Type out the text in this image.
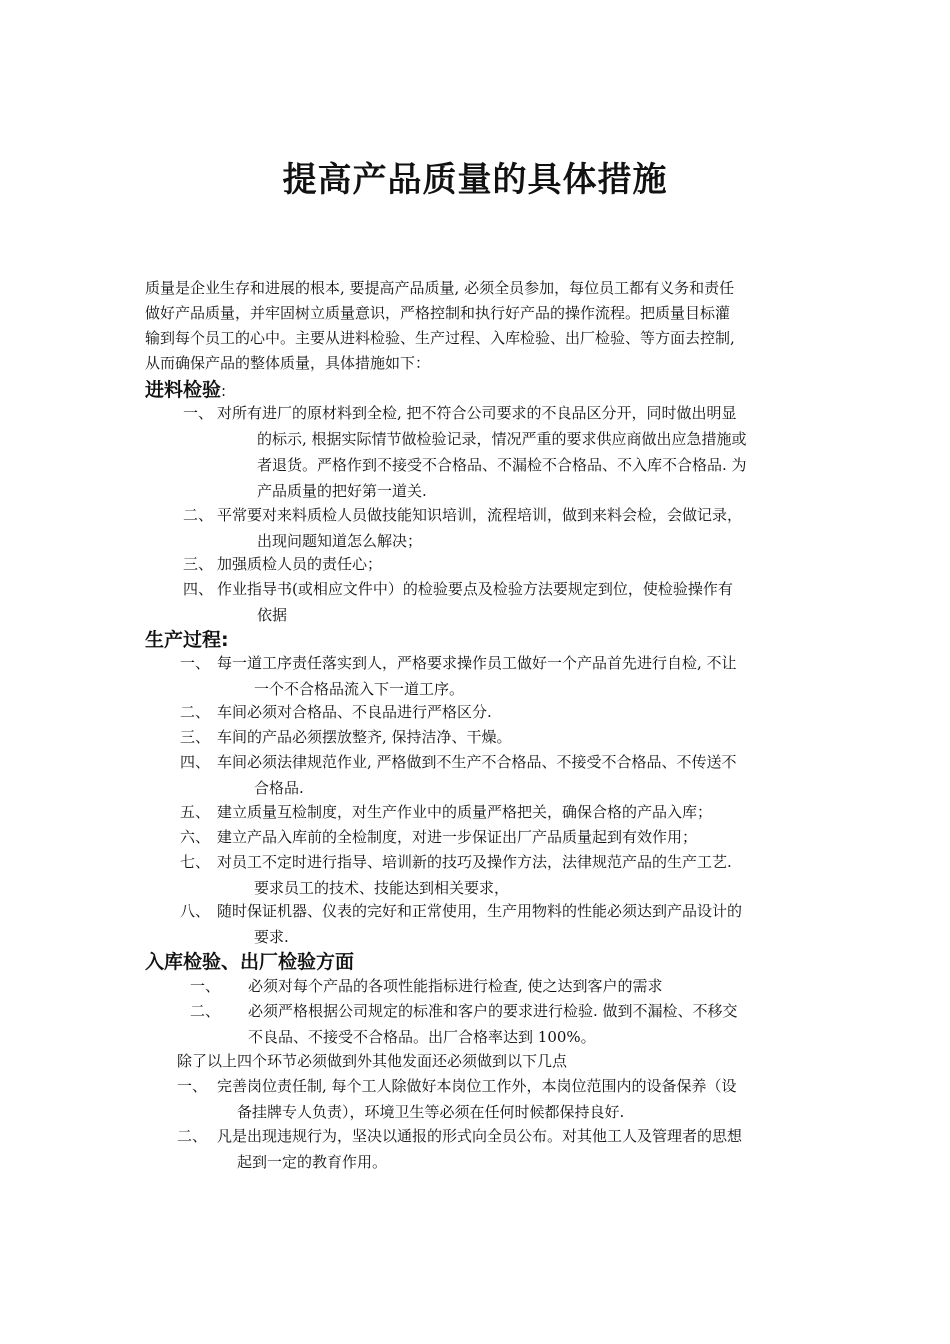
提高产品质量的具体措施
质量是企业生存和进展的根本, 要提高产品质量, 必须全员参加，每位员工都有义务和责任
做好产品质量，并牢固树立质量意识，严格控制和执行好产品的操作流程。把质量目标灌
输到每个员工的心中。主要从进料检验、生产过程、入库检验、出厂检验、等方面去控制,
从而确保产品的整体质量，具体措施如下：
进料检验:
一、 对所有进厂的原材料到全检, 把不符合公司要求的不良品区分开，同时做出明显
的标示, 根据实际情节做检验记录，情况严重的要求供应商做出应急措施或
者退货。严格作到不接受不合格品、不漏检不合格品、不入库不合格品. 为
产品质量的把好第一道关.
二、 平常要对来料质检人员做技能知识培训，流程培训，做到来料会检，会做记录，
出现问题知道怎么解决；
三、 加强质检人员的责任心；
四、 作业指导书(或相应文件中）的检验要点及检验方法要规定到位，使检验操作有
依据
生产过程:
一、 每一道工序责任落实到人，严格要求操作员工做好一个产品首先进行自检, 不让
一个不合格品流入下一道工序。
二、 车间必须对合格品、不良品进行严格区分.
三、 车间的产品必须摆放整齐, 保持洁净、干燥。
四、 车间必须法律规范作业, 严格做到不生产不合格品、不接受不合格品、不传送不
合格品.
五、 建立质量互检制度，对生产作业中的质量严格把关，确保合格的产品入库；
六、 建立产品入库前的全检制度，对进一步保证出厂产品质量起到有效作用；
七、 对员工不定时进行指导、培训新的技巧及操作方法，法律规范产品的生产工艺.
要求员工的技术、技能达到相关要求，
八、 随时保证机器、仪表的完好和正常使用，生产用物料的性能必须达到产品设计的
要求.
入库检验、出厂检验方面
一、 必须对每个产品的各项性能指标进行检查, 使之达到客户的需求
二、 必须严格根据公司规定的标准和客户的要求进行检验. 做到不漏检、不移交
不良品、不接受不合格品。出厂合格率达到 100%。
除了以上四个环节必须做到外其他发面还必须做到以下几点
一、 完善岗位责任制, 每个工人除做好本岗位工作外，本岗位范围内的设备保养（设
备挂牌专人负责），环境卫生等必须在任何时候都保持良好.
二、 凡是出现违规行为，坚决以通报的形式向全员公布。对其他工人及管理者的思想
起到一定的教育作用。
